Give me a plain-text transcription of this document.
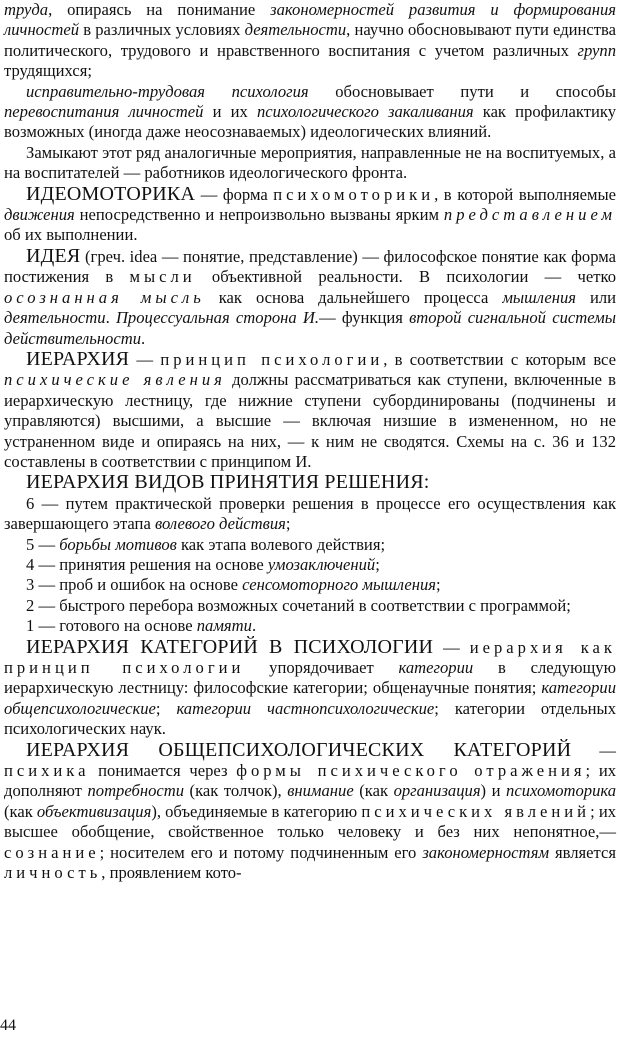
труда, опираясь на понимание закономерностей развития и формирования личностей в различных условиях деятельности, научно обосновывают пути единства политического, трудового и нравственного воспитания с учетом различных групп трудящихся;

исправительно-трудовая психология обосновывает пути и способы перевоспитания личностей и их психологического закаливания как профилактику возможных (иногда даже неосознаваемых) идеологических влияний.

Замыкают этот ряд аналогичные мероприятия, направленные не на воспитуемых, а на воспитателей — работников идеологического фронта.

ИДЕОМОТОРИКА — форма психомоторики, в которой выполняемые движения непосредственно и непроизвольно вызваны ярким представлением об их выполнении.

ИДЕЯ (греч. idea — понятие, представление) — философское понятие как форма постижения в мысли объективной реальности. В психологии — четко осознанная мысль как основа дальнейшего процесса мышления или деятельности. Процессуальная сторона И.— функция второй сигнальной системы действительности.

ИЕРАРХИЯ — принцип психологии, в соответствии с которым все психические явления должны рассматриваться как ступени, включенные в иерархическую лестницу, где нижние ступени субординированы (подчинены и управляются) высшими, а высшие — включая низшие в измененном, но не устраненном виде и опираясь на них, — к ним не сводятся. Схемы на с. 36 и 132 составлены в соответствии с принципом И.

ИЕРАРХИЯ ВИДОВ ПРИНЯТИЯ РЕШЕНИЯ:

6 — путем практической проверки решения в процессе его осуществления как завершающего этапа волевого действия;

5 — борьбы мотивов как этапа волевого действия;

4 — принятия решения на основе умозаключений;

3 — проб и ошибок на основе сенсомоторного мышления;

2 — быстрого перебора возможных сочетаний в соответствии с программой;

1 — готового на основе памяти.

ИЕРАРХИЯ КАТЕГОРИЙ В ПСИХОЛОГИИ — иерархия как принцип психологии упорядочивает категории в следующую иерархическую лестницу: философские категории; общенаучные понятия; категории общепсихологические; категории частнопсихологические; категории отдельных психологических наук.

ИЕРАРХИЯ ОБЩЕПСИХОЛОГИЧЕСКИХ КАТЕГОРИЙ — психика понимается через формы психического отражения; их дополняют потребности (как толчок), внимание (как организация) и психомоторика (как объективизация), объединяемые в категорию психических явлений; их высшее обобщение, свойственное только человеку и без них непонятное,— сознание; носителем его и потому подчиненным его закономерностям является личность, проявлением кото-

44
